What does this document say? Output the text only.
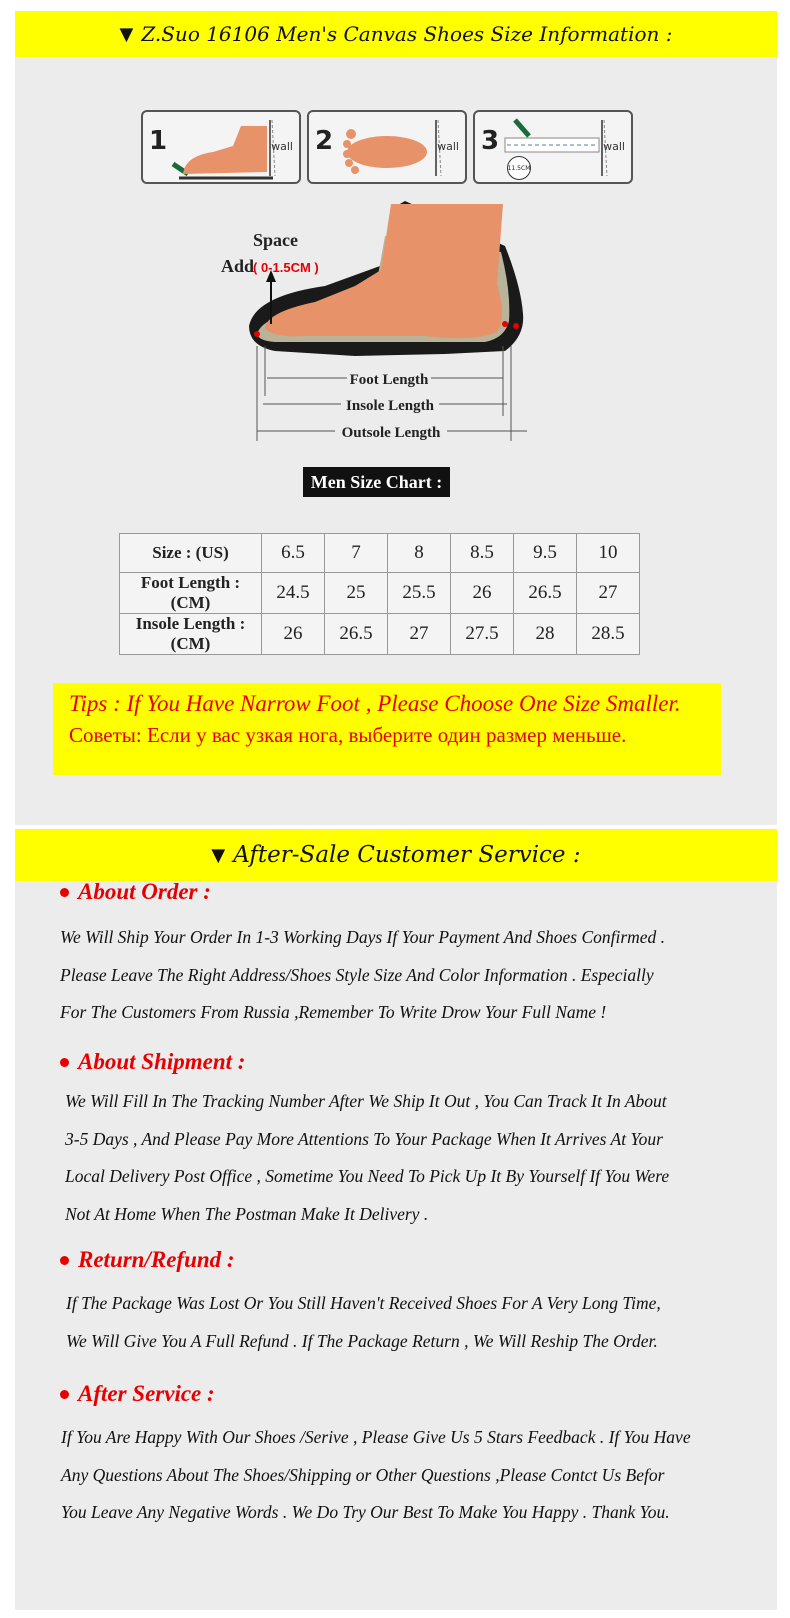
▼ Z.Suo 16106 Men's Canvas Shoes Size Information :
1	wall 2	wall 3	wall
11.5CM
Space
Add
( 0-1.5CM )
Foot Length
Insole Length
Outsole Length
Men Size Chart :
Size : (US)	6.5	7	8	8.5	9.5	10
Foot Length : (CM)	24.5	25	25.5	26	26.5	27
Insole Length : (CM)	26	26.5	27	27.5	28	28.5
Tips : If You Have Narrow Foot , Please Choose One Size Smaller.
Советы: Если у вас узкая нога, выберите один размер меньше.
▼ After-Sale Customer Service :
About Order :

We Will Ship Your Order In 1-3 Working Days If Your Payment And Shoes Confirmed .
Please Leave The Right Address/Shoes Style Size And Color Information . Especially
For The Customers From Russia ,Remember To Write Drow Your Full Name !

About Shipment :

We Will Fill In The Tracking Number After We Ship It Out , You Can Track It In About
3-5 Days , And Please Pay More Attentions To Your Package When It Arrives At Your
Local Delivery Post Office , Sometime You Need To Pick Up It By Yourself If You Were
Not At Home When The Postman Make It Delivery .

Return/Refund :

If The Package Was Lost Or You Still Haven't Received Shoes For A Very Long Time,
We Will Give You A Full Refund . If The Package Return , We Will Reship The Order.

After Service :

If You Are Happy With Our Shoes /Serive , Please Give Us 5 Stars Feedback . If You Have
Any Questions About The Shoes/Shipping or Other Questions ,Please Contct Us Befor
You Leave Any Negative Words . We Do Try Our Best To Make You Happy . Thank You.
